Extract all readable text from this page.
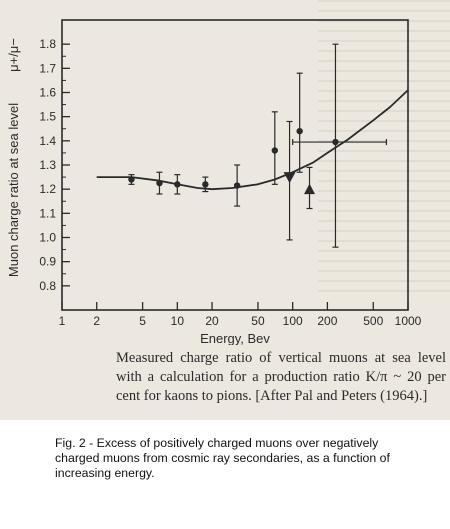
1 2	5 10 20	50 100 200 500 1000
0.8
0.9
1.0
1.1
1.2
1.3
1.4
1.5
1.6
1.7
1.8
Energy, Bev
Muon charge ratio at sea level
μ+/μ−

Measured charge ratio of vertical muons at sea level with a calculation for a production ratio K/π ~ 20 per cent for kaons to pions. [After Pal and Peters (1964).]

Fig. 2 - Excess of positively charged muons over negatively charged muons from cosmic ray secondaries, as a function of increasing energy.
